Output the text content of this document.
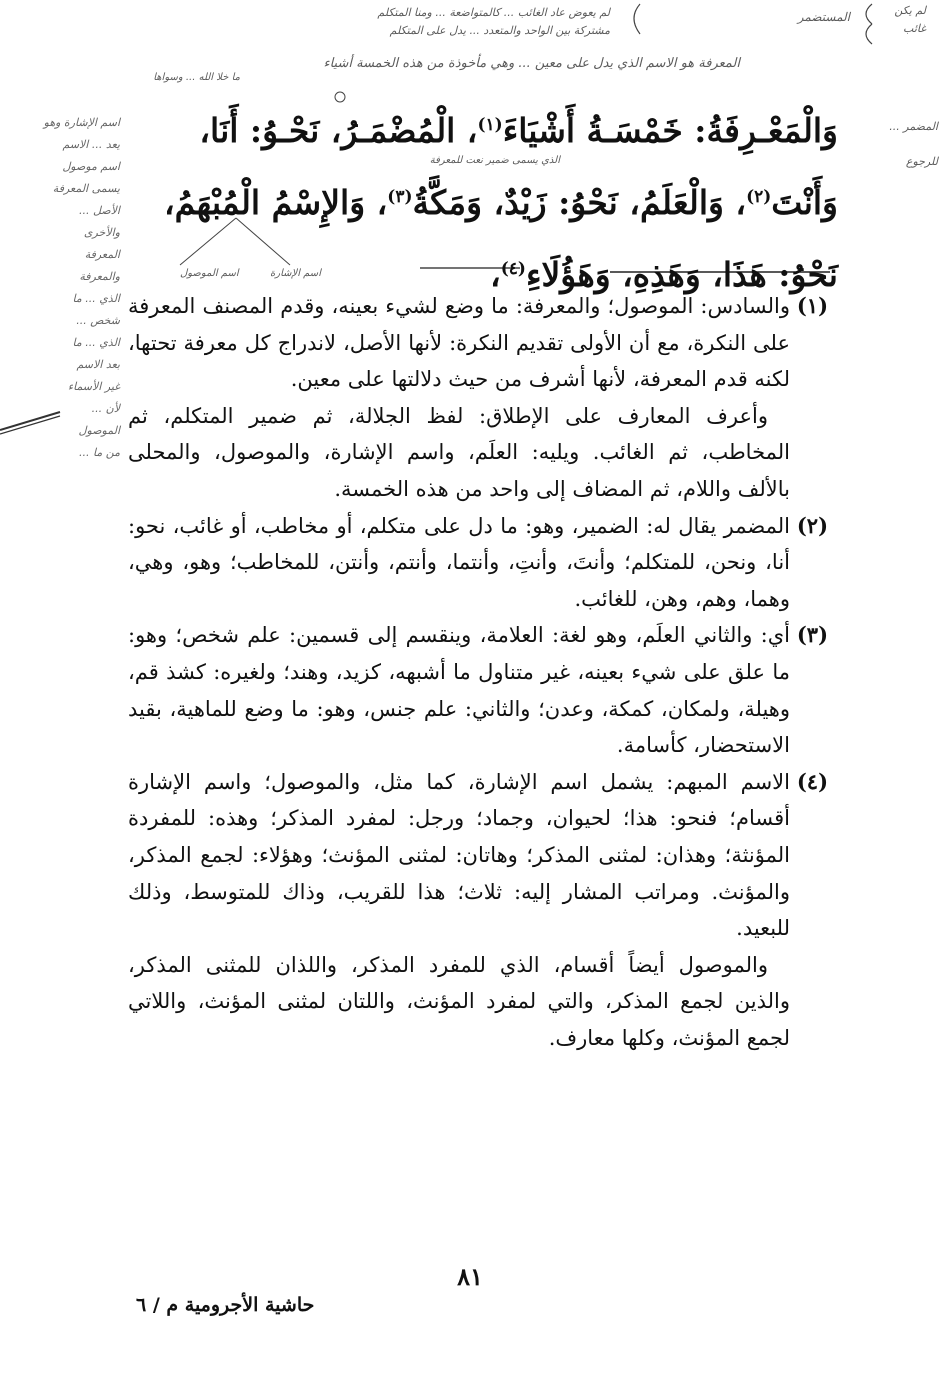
لم يعوض عاد الغائب ... كالمتواضعة ... ومنا المتكلم
مشتركة بين الواحد والمتعدد ... يدل على المتكلم
المعرفة هو الاسم الذي يدل على معين ... وهي مأخوذة من هذه الخمسة أشياء
ما خلا الله ... وسواها
لم يكن
غائب
المستضمر
المضمر ...
للرجوع
الذي يسمى ضمير نعت للمعرفة
اسم الموصول	اسم الإشارة
اسم الإشارة وهو
يعد ... الاسم
اسم موصول
يسمى المعرفة
الأصل ...
والأخرى
المعرفة
والمعرفة
الذي ... ما
شخص ...
الذي ... ما
بعد الاسم
غير الأسماء
لأن ...
الموصول
من ما ...
وَالْمَعْـرِفَةُ: خَمْسَـةُ أَشْيَاءَ$^{(١)}$، الْمُضْمَـرُ، نَحْـوُ: أَنَا،
وَأَنْتَ$^{(٢)}$، وَالْعَلَمُ، نَحْوُ: زَيْدٌ، وَمَكَّةُ$^{(٣)}$، وَالإِسْمُ الْمُبْهَمُ،
نَحْوُ: هَذَا، وَهَذِهِ، وَهَؤُلَاءِ$^{(٤)}$،
(١)
والسادس: الموصول؛ والمعرفة: ما وضع لشيء بعينه، وقدم المصنف المعرفة على النكرة، مع أن الأولى تقديم النكرة: لأنها الأصل، لاندراج كل معرفة تحتها، لكنه قدم المعرفة، لأنها أشرف من حيث دلالتها على معين.
وأعرف المعارف على الإطلاق: لفظ الجلالة، ثم ضمير المتكلم، ثم المخاطب، ثم الغائب. ويليه: العلَم، واسم الإشارة، والموصول، والمحلى بالألف واللام، ثم المضاف إلى واحد من هذه الخمسة.
(٢)
المضمر يقال له: الضمير، وهو: ما دل على متكلم، أو مخاطب، أو غائب، نحو: أنا، ونحن، للمتكلم؛ وأنتَ، وأنتِ، وأنتما، وأنتم، وأنتن، للمخاطب؛ وهو، وهي، وهما، وهم، وهن، للغائب.
(٣)
أي: والثاني العلَم، وهو لغة: العلامة، وينقسم إلى قسمين: علم شخص؛ وهو: ما علق على شيء بعينه، غير متناول ما أشبهه، كزيد، وهند؛ ولغيره: كشذ قم، وهيلة، ولمكان، كمكة، وعدن؛ والثاني: علم جنس، وهو: ما وضع للماهية، بقيد الاستحضار، كأسامة.
(٤)
الاسم المبهم: يشمل اسم الإشارة، كما مثل، والموصول؛ واسم الإشارة أقسام؛ فنحو: هذا؛ لحيوان، وجماد؛ ورجل: لمفرد المذكر؛ وهذه: للمفردة المؤنثة؛ وهذان: لمثنى المذكر؛ وهاتان: لمثنى المؤنث؛ وهؤلاء: لجمع المذكر، والمؤنث. ومراتب المشار إليه: ثلاث؛ هذا للقريب، وذاك للمتوسط، وذلك للبعيد.
والموصول أيضاً أقسام، الذي للمفرد المذكر، واللذان للمثنى المذكر، والذين لجمع المذكر، والتي لمفرد المؤنث، واللتان لمثنى المؤنث، واللاتي لجمع المؤنث، وكلها معارف.
٨١
حاشية الأجرومية م / ٦
